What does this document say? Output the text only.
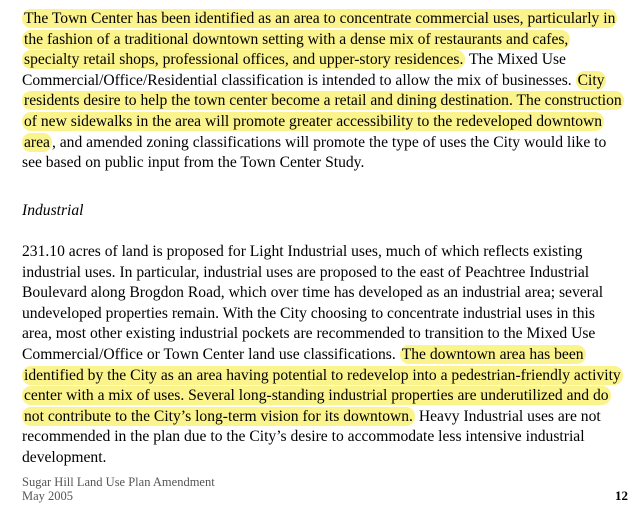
The Town Center has been identified as an area to concentrate commercial uses, particularly in the fashion of a traditional downtown setting with a dense mix of restaurants and cafes, specialty retail shops, professional offices, and upper-story residences. The Mixed Use Commercial/Office/Residential classification is intended to allow the mix of businesses. City residents desire to help the town center become a retail and dining destination. The construction of new sidewalks in the area will promote greater accessibility to the redeveloped downtown area , and amended zoning classifications will promote the type of uses the City would like to see based on public input from the Town Center Study.

Industrial

231.10 acres of land is proposed for Light Industrial uses, much of which reflects existing industrial uses. In particular, industrial uses are proposed to the east of Peachtree Industrial Boulevard along Brogdon Road, which over time has developed as an industrial area; several undeveloped properties remain. With the City choosing to concentrate industrial uses in this area, most other existing industrial pockets are recommended to transition to the Mixed Use Commercial/Office or Town Center land use classifications. The downtown area has been identified by the City as an area having potential to redevelop into a pedestrian-friendly activity center with a mix of uses. Several long-standing industrial properties are underutilized and do not contribute to the City’s long-term vision for its downtown. Heavy Industrial uses are not recommended in the plan due to the City’s desire to accommodate less intensive industrial development.

Sugar Hill Land Use Plan Amendment
May 2005	12
